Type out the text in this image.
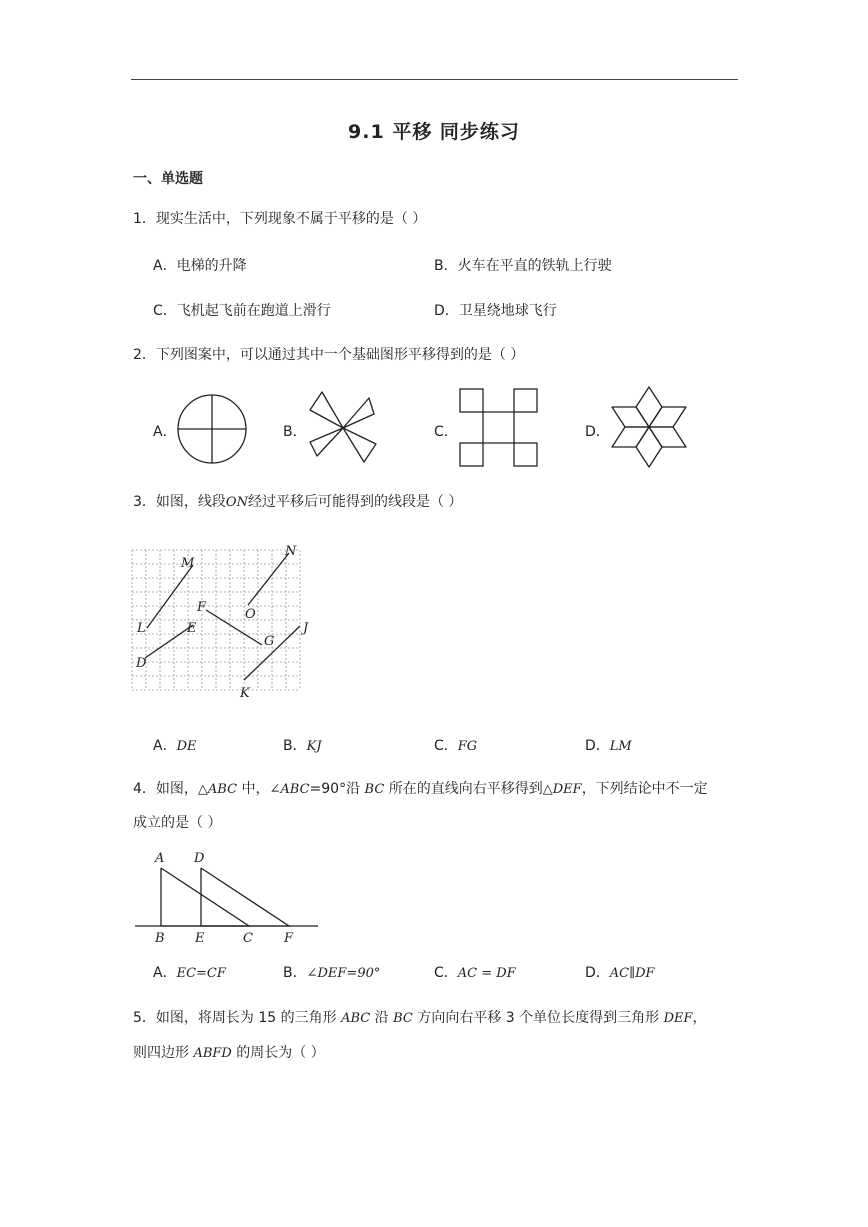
9.1 平移 同步练习
一、单选题
1．现实生活中，下列现象不属于平移的是（ ）
A．电梯的升降	B．火车在平直的铁轨上行驶
C．飞机起飞前在跑道上滑行	D．卫星绕地球飞行
2．下列图案中，可以通过其中一个基础图形平移得到的是（ ）
A．	B．	C．	D．
M
N
L	E
F	O
G
J
D
K
A D
B E	C F
3．如图，线段ON经过平移后可能得到的线段是（ ）
A．DE	B．KJ	C．FG	D．LM
4．如图，△ABC 中，∠ABC=90°沿 BC 所在的直线向右平移得到△DEF，下列结论中不一定
成立的是（ ）
A．EC=CF	B．∠DEF=90°	C．AC = DF	D．AC∥DF
5．如图，将周长为 15 的三角形 ABC 沿 BC 方向向右平移 3 个单位长度得到三角形 DEF，
则四边形 ABFD 的周长为（ ）
